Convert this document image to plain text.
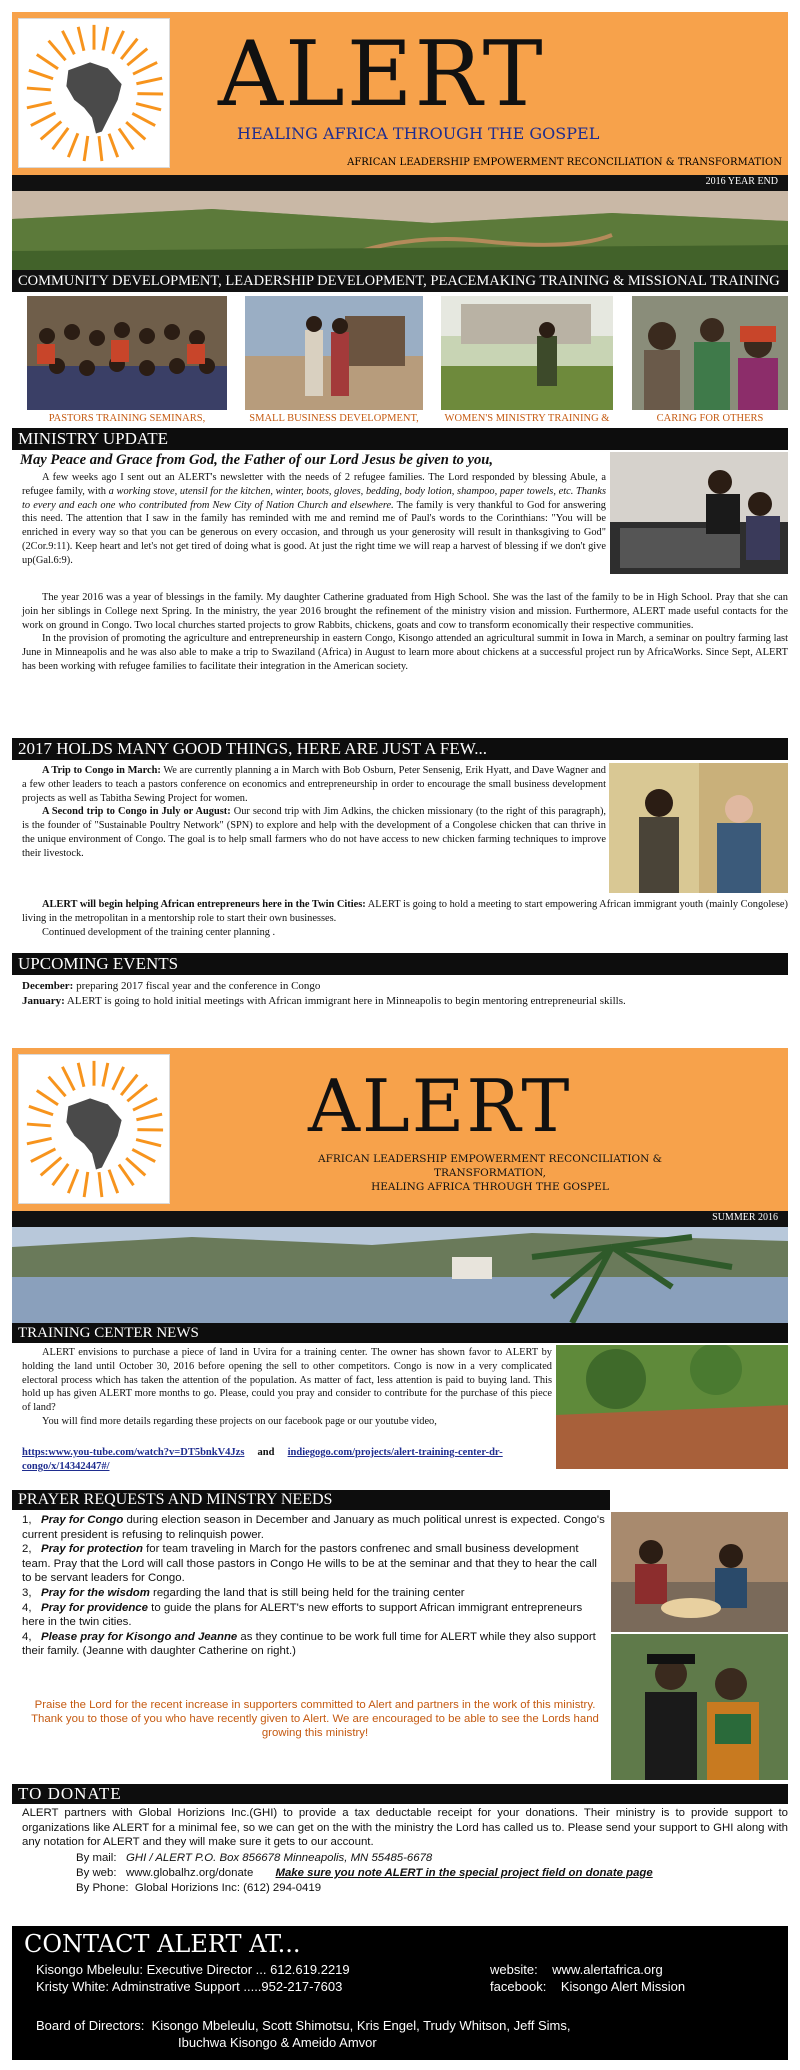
ALERT
HEALING AFRICA THROUGH THE GOSPEL
AFRICAN LEADERSHIP EMPOWERMENT RECONCILIATION & TRANSFORMATION
2016 YEAR END
COMMUNITY DEVELOPMENT, LEADERSHIP DEVELOPMENT, PEACEMAKING TRAINING & MISSIONAL TRAINING
PASTORS TRAINING SEMINARS,	SMALL BUSINESS DEVELOPMENT,	WOMEN'S MINISTRY TRAINING &	CARING FOR OTHERS
MINISTRY UPDATE
May Peace and Grace from God, the Father of our Lord Jesus be given to you,

A few weeks ago I sent out an ALERT's newsletter with the needs of 2 refugee families. The Lord responded by blessing Abule, a refugee family, with a working stove, utensil for the kitchen, winter, boots, gloves, bedding, body lotion, shampoo, paper towels, etc. Thanks to every and each one who contributed from New City of Nation Church and elsewhere. The family is very thankful to God for answering this need. The attention that I saw in the family has reminded with me and remind me of Paul's words to the Corinthians: "You will be enriched in every way so that you can be generous on every occasion, and through us your generosity will result in thanksgiving to God"(2Cor.9:11). Keep heart and let's not get tired of doing what is good. At just the right time we will reap a harvest of blessing if we don't give up(Gal.6:9).

The year 2016 was a year of blessings in the family. My daughter Catherine graduated from High School. She was the last of the family to be in High School. Pray that she can join her siblings in College next Spring. In the ministry, the year 2016 brought the refinement of the ministry vision and mission. Furthermore, ALERT made useful contacts for the work on ground in Congo. Two local churches started projects to grow Rabbits, chickens, goats and cow to transform economically their respective communities.

In the provision of promoting the agriculture and entrepreneurship in eastern Congo, Kisongo attended an agricultural summit in Iowa in March, a seminar on poultry farming last June in Minneapolis and he was also able to make a trip to Swaziland (Africa) in August to learn more about chickens at a successful project run by AfricaWorks. Since Sept, ALERT has been working with refugee families to facilitate their integration in the American society.

2017 HOLDS MANY GOOD THINGS, HERE ARE JUST A FEW...

A Trip to Congo in March: We are currently planning a in March with Bob Osburn, Peter Sensenig, Erik Hyatt, and Dave Wagner and a few other leaders to teach a pastors conference on economics and entrepreneurship in order to encourage the small business development projects as well as Tabitha Sewing Project for women.

A Second trip to Congo in July or August: Our second trip with Jim Adkins, the chicken missionary (to the right of this paragraph), is the founder of "Sustainable Poultry Network" (SPN) to explore and help with the development of a Congolese chicken that can thrive in the unique environment of Congo. The goal is to help small farmers who do not have access to new chicken farming techniques to improve their livestock.

ALERT will begin helping African entrepreneurs here in the Twin Cities: ALERT is going to hold a meeting to start empowering African immigrant youth (mainly Congolese) living in the metropolitan in a mentorship role to start their own businesses.

Continued development of the training center planning .

UPCOMING EVENTS
December: preparing 2017 fiscal year and the conference in Congo
January: ALERT is going to hold initial meetings with African immigrant here in Minneapolis to begin mentoring entrepreneurial skills.
ALERT
AFRICAN LEADERSHIP EMPOWERMENT RECONCILIATION & TRANSFORMATION,
HEALING AFRICA THROUGH THE GOSPEL
SUMMER 2016
TRAINING CENTER NEWS

ALERT envisions to purchase a piece of land in Uvira for a training center. The owner has shown favor to ALERT by holding the land until October 30, 2016 before opening the sell to other competitors. Congo is now in a very complicated electoral process which has taken the attention of the population. As matter of fact, less attention is paid to buying land. This hold up has given ALERT more months to go. Please, could you pray and consider to contribute for the purchase of this piece of land?

You will find more details regarding these projects on our facebook page or our youtube video,

https:www.you-tube.com/watch?v=DT5bnkV4Jzs and indiegogo.com/projects/alert-training-center-dr-congo/x/14342447#/
PRAYER REQUESTS AND MINSTRY NEEDS
1, Pray for Congo during election season in December and January as much political unrest is expected. Congo's current president is refusing to relinquish power.
2, Pray for protection for team traveling in March for the pastors confrenec and small business development team. Pray that the Lord will call those pastors in Congo He wills to be at the seminar and that they to hear the call to be servant leaders for Congo.
3, Pray for the wisdom regarding the land that is still being held for the training center
4, Pray for providence to guide the plans for ALERT's new efforts to support African immigrant entrepreneurs here in the twin cities.
4, Please pray for Kisongo and Jeanne as they continue to be work full time for ALERT while they also support their family. (Jeanne with daughter Catherine on right.)
Praise the Lord for the recent increase in supporters committed to Alert and partners in the work of this ministry. Thank you to those of you who have recently given to Alert. We are encouraged to be able to see the Lords hand growing this ministry!
TO DONATE
ALERT partners with Global Horizions Inc.(GHI) to provide a tax deductable receipt for your donations. Their ministry is to provide support to organizations like ALERT for a minimal fee, so we can get on the with the ministry the Lord has called us to. Please send your support to GHI along with any notation for ALERT and they will make sure it gets to our account.
By mail: GHI / ALERT P.O. Box 856678 Minneapolis, MN 55485-6678
By web: www.globalhz.org/donate Make sure you note ALERT in the special project field on donate page
By Phone: Global Horizions Inc: (612) 294-0419
CONTACT ALERT AT...
Kisongo Mbeleulu: Executive Director ... 612.619.2219
Kristy White: Adminstrative Support .....952-217-7603
website: www.alertafrica.org
facebook: Kisongo Alert Mission
Board of Directors: Kisongo Mbeleulu, Scott Shimotsu, Kris Engel, Trudy Whitson, Jeff Sims,
Ibuchwa Kisongo & Ameido Amvor
